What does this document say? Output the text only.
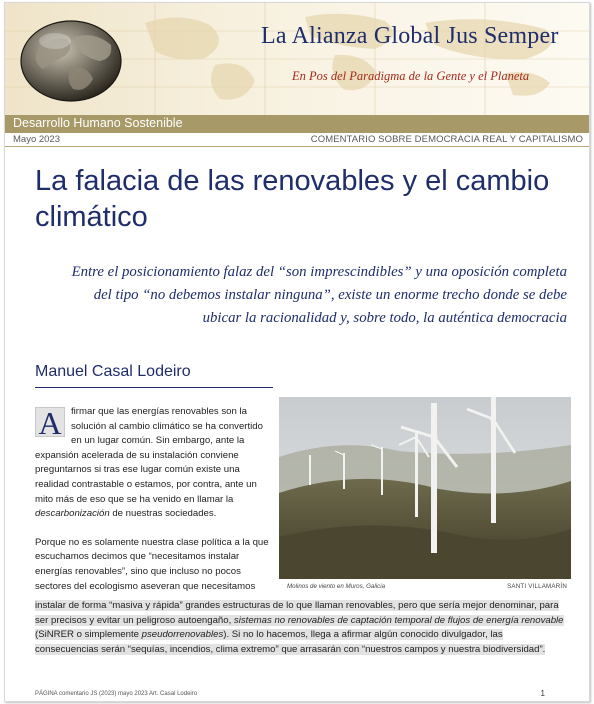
La Alianza Global Jus Semper
En Pos del Paradigma de la Gente y el Planeta
Desarrollo Humano Sostenible
Mayo 2023	COMENTARIO SOBRE DEMOCRACIA REAL Y CAPITALISMO
La falacia de las renovables y el cambio climático

Entre el posicionamiento falaz del “son imprescindibles” y una oposición completa del tipo “no debemos instalar ninguna”, existe un enorme trecho donde se debe ubicar la racionalidad y, sobre todo, la auténtica democracia

Manuel Casal Lodeiro

A firmar que las energías renovables son la solución al cambio climático se ha convertido en un lugar común. Sin embargo, ante la expansión acelerada de su instalación conviene preguntarnos si tras ese lugar común existe una realidad contrastable o estamos, por contra, ante un mito más de eso que se ha venido en llamar la descarbonización de nuestras sociedades.

Porque no es solamente nuestra clase política a la que escuchamos decimos que “necesitamos instalar energías renovables”, sino que incluso no pocos sectores del ecologismo aseveran que necesitamos	Molinos de viento en Muros, Galicia	SANTI VILLAMARÍN

instalar de forma “masiva y rápida” grandes estructuras de lo que llaman renovables, pero que sería mejor denominar, para ser precisos y evitar un peligroso autoengaño, sistemas no renovables de captación temporal de flujos de energía renovable (SiNRER o simplemente pseudorrenovables). Si no lo hacemos, llega a afirmar algún conocido divulgador, las consecuencias serán “sequías, incendios, clima extremo” que arrasarán con “nuestros campos y nuestra biodiversidad”.

PÁGINA comentario JS (2023) mayo 2023 Art. Casal Lodeiro	1
